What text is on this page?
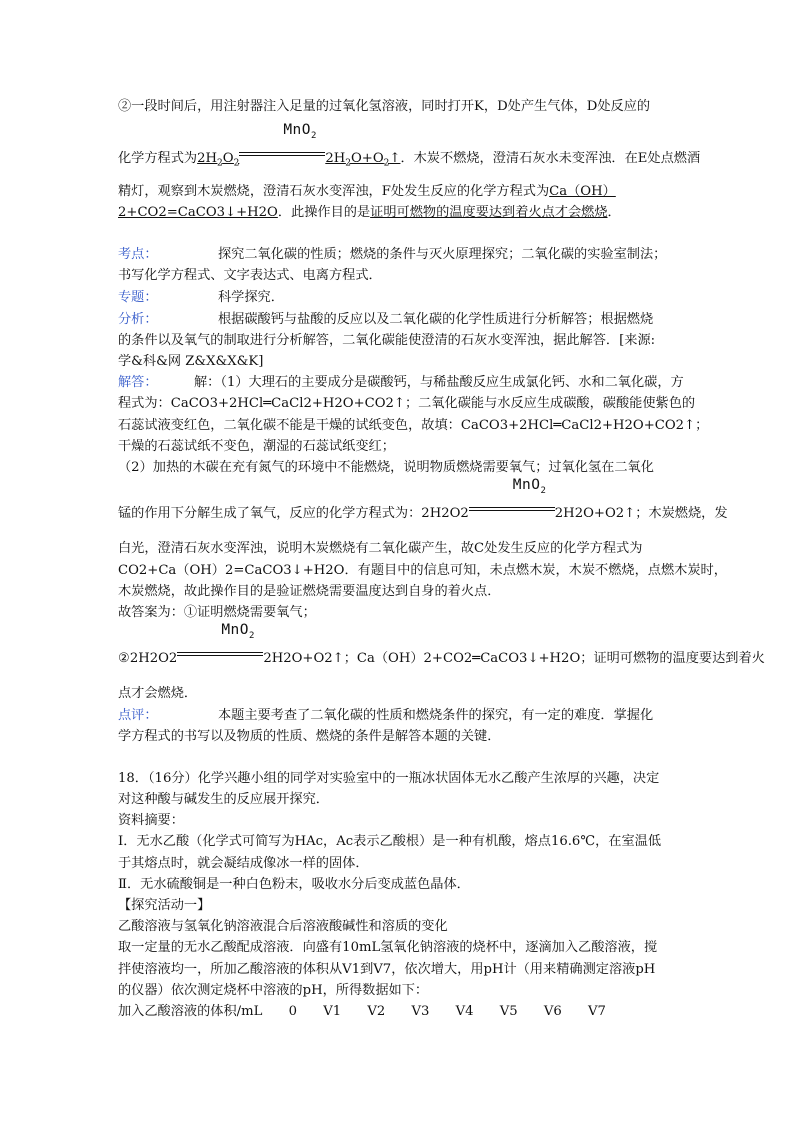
②一段时间后，用注射器注入足量的过氧化氢溶液，同时打开K，D处产生气体，D处反应的
化学方程式为$2H_2O_2$
MnO$_2$
$2H_2O+O_2↑$．木炭不燃烧，澄清石灰水未变浑浊．在E处点燃酒
精灯，观察到木炭燃烧，澄清石灰水变浑浊，F处发生反应的化学方程式为Ca（OH）
2+CO2=CaCO3↓+H2O．此操作目的是证明可燃物的温度要达到着火点才会燃烧．
考点：	探究二氧化碳的性质；燃烧的条件与灭火原理探究；二氧化碳的实验室制法；
书写化学方程式、文字表达式、电离方程式．
专题：	科学探究．
分析：	根据碳酸钙与盐酸的反应以及二氧化碳的化学性质进行分析解答；根据燃烧
的条件以及氧气的制取进行分析解答，二氧化碳能使澄清的石灰水变浑浊，据此解答．[来源:
学&科&网 Z&X&X&K]
解答：	解：（1）大理石的主要成分是碳酸钙，与稀盐酸反应生成氯化钙、水和二氧化碳，方
程式为：CaCO3+2HCl═CaCl2+H2O+CO2↑；二氧化碳能与水反应生成碳酸，碳酸能使紫色的
石蕊试液变红色，二氧化碳不能是干燥的试纸变色，故填：CaCO3+2HCl═CaCl2+H2O+CO2↑；
干燥的石蕊试纸不变色，潮湿的石蕊试纸变红；
（2）加热的木碳在充有氮气的环境中不能燃烧，说明物质燃烧需要氧气；过氧化氢在二氧化
锰的作用下分解生成了氧气，反应的化学方程式为：2H2O2
MnO$_2$
2H2O+O2↑；木炭燃烧，发
白光，澄清石灰水变浑浊，说明木炭燃烧有二氧化碳产生，故C处发生反应的化学方程式为
CO2+Ca（OH）2=CaCO3↓+H2O．有题目中的信息可知，未点燃木炭，木炭不燃烧，点燃木炭时，
木炭燃烧，故此操作目的是验证燃烧需要温度达到自身的着火点．
故答案为：①证明燃烧需要氧气；
②2H2O2
MnO$_2$
2H2O+O2↑；Ca（OH）2+CO2═CaCO3↓+H2O；证明可燃物的温度要达到着火
点才会燃烧．
点评：	本题主要考查了二氧化碳的性质和燃烧条件的探究，有一定的难度．掌握化
学方程式的书写以及物质的性质、燃烧的条件是解答本题的关键．
18．（16分）化学兴趣小组的同学对实验室中的一瓶冰状固体无水乙酸产生浓厚的兴趣，决定
对这种酸与碱发生的反应展开探究．
资料摘要：
Ⅰ．无水乙酸（化学式可简写为HAc，Ac表示乙酸根）是一种有机酸，熔点16.6℃，在室温低
于其熔点时，就会凝结成像冰一样的固体．
Ⅱ．无水硫酸铜是一种白色粉末，吸收水分后变成蓝色晶体．
【探究活动一】
乙酸溶液与氢氧化钠溶液混合后溶液酸碱性和溶质的变化
取一定量的无水乙酸配成溶液．向盛有10mL氢氧化钠溶液的烧杯中，逐滴加入乙酸溶液，搅
拌使溶液均一，所加乙酸溶液的体积从V1到V7，依次增大，用pH计（用来精确测定溶液pH
的仪器）依次测定烧杯中溶液的pH，所得数据如下：
加入乙酸溶液的体积/mL 0 V1 V2 V3 V4 V5 V6 V7
